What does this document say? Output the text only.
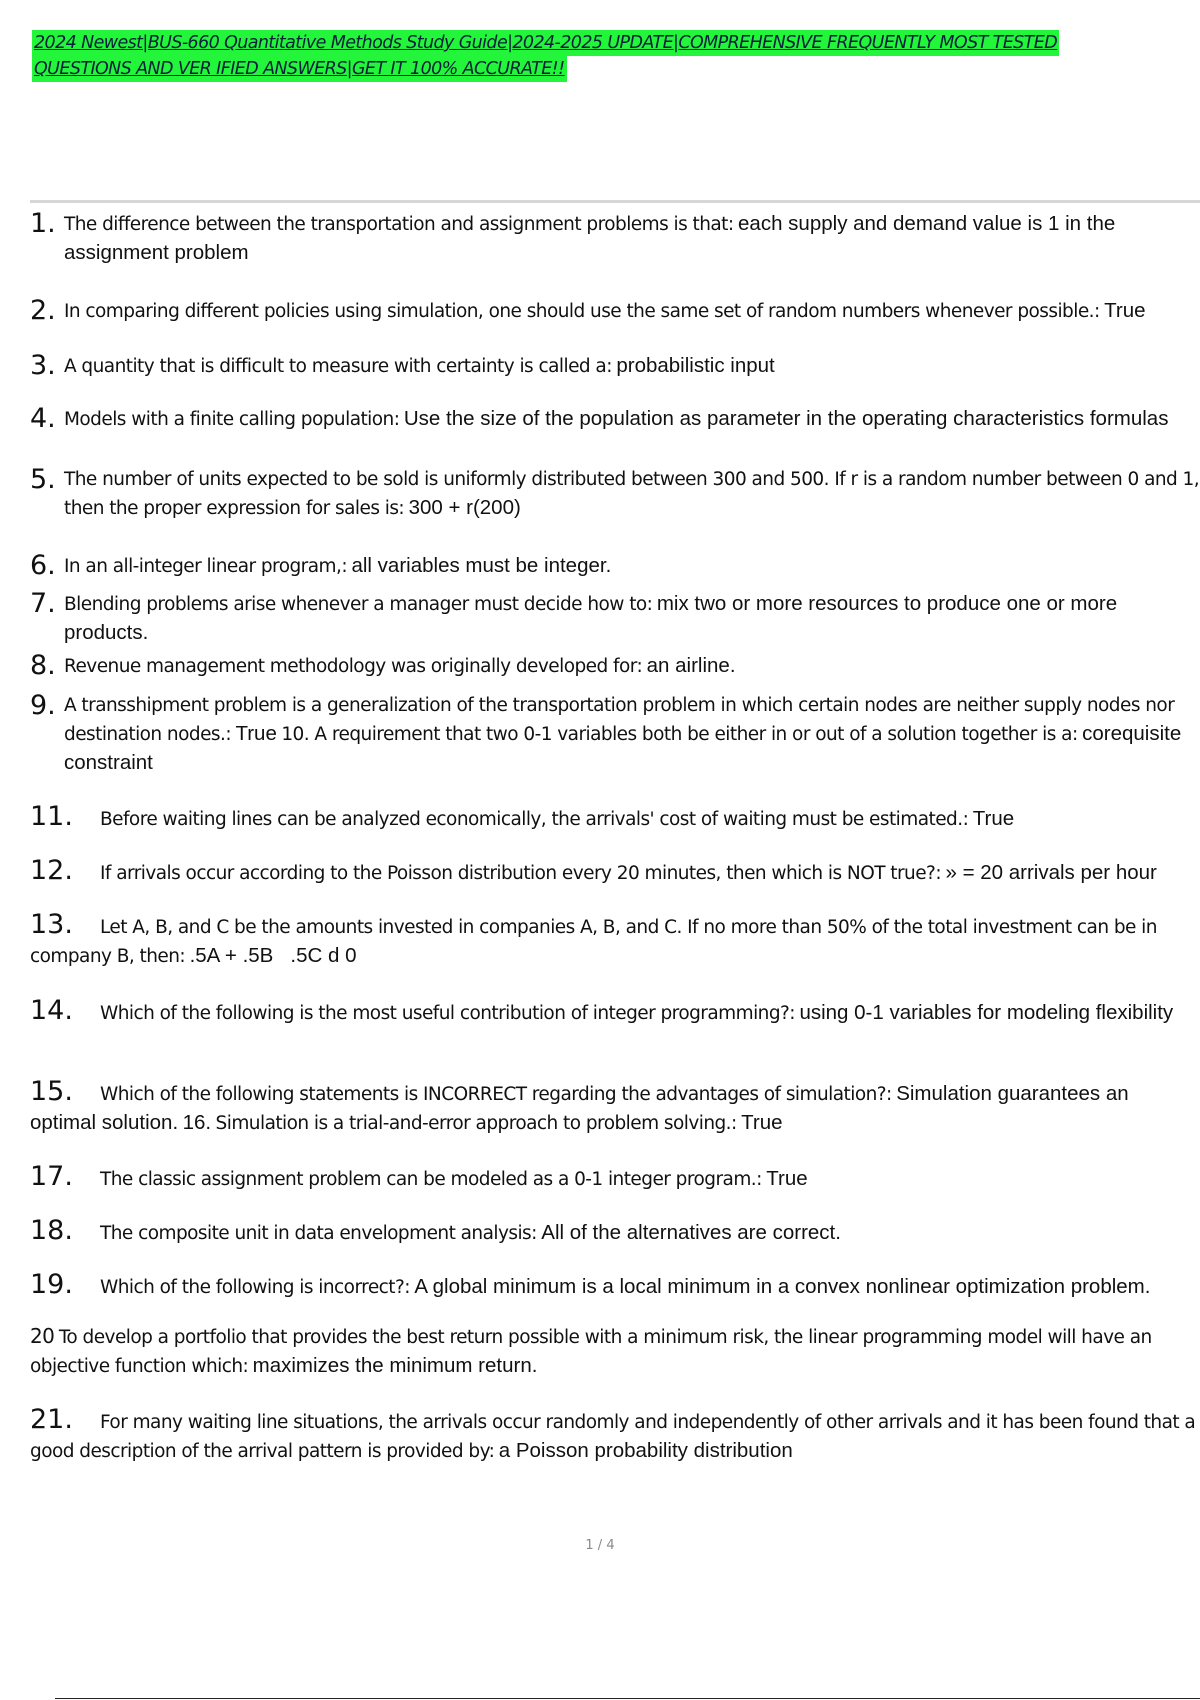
2024 Newest|BUS-660 Quantitative Methods Study Guide|2024-2025 UPDATE|COMPREHENSIVE FREQUENTLY MOST TESTED
QUESTIONS AND VER IFIED ANSWERS|GET IT 100% ACCURATE!!
1. The difference between the transportation and assignment problems is that: each supply and demand value is 1 in the assignment problem
2. In comparing different policies using simulation, one should use the same set of random numbers whenever possible.: True
3. A quantity that is difficult to measure with certainty is called a: probabilistic input
4. Models with a finite calling population: Use the size of the population as parameter in the operating characteristics formulas
5. The number of units expected to be sold is uniformly distributed between 300 and 500. If r is a random number between 0 and 1, then the proper expression for sales is: 300 + r(200)
6. In an all-integer linear program,: all variables must be integer.
7. Blending problems arise whenever a manager must decide how to: mix two or more resources to produce one or more products.
8. Revenue management methodology was originally developed for: an airline.
9. A transshipment problem is a generalization of the transportation problem in which certain nodes are neither supply nodes nor destination nodes.: True 10. A requirement that two 0-1 variables both be either in or out of a solution together is a: corequisite constraint
11. Before waiting lines can be analyzed economically, the arrivals' cost of waiting must be estimated.: True
12. If arrivals occur according to the Poisson distribution every 20 minutes, then which is NOT true?: » = 20 arrivals per hour
13. Let A, B, and C be the amounts invested in companies A, B, and C. If no more than 50% of the total investment can be in company B, then: .5A + .5B   .5C d 0
14. Which of the following is the most useful contribution of integer programming?: using 0-1 variables for modeling flexibility
15. Which of the following statements is INCORRECT regarding the advantages of simulation?: Simulation guarantees an optimal solution. 16. Simulation is a trial-and-error approach to problem solving.: True
17. The classic assignment problem can be modeled as a 0-1 integer program.: True
18. The composite unit in data envelopment analysis: All of the alternatives are correct.
19. Which of the following is incorrect?: A global minimum is a local minimum in a convex nonlinear optimization problem.
20 To develop a portfolio that provides the best return possible with a minimum risk, the linear programming model will have an objective function which: maximizes the minimum return.
21. For many waiting line situations, the arrivals occur randomly and independently of other arrivals and it has been found that a good description of the arrival pattern is provided by: a Poisson probability distribution
1 / 4
